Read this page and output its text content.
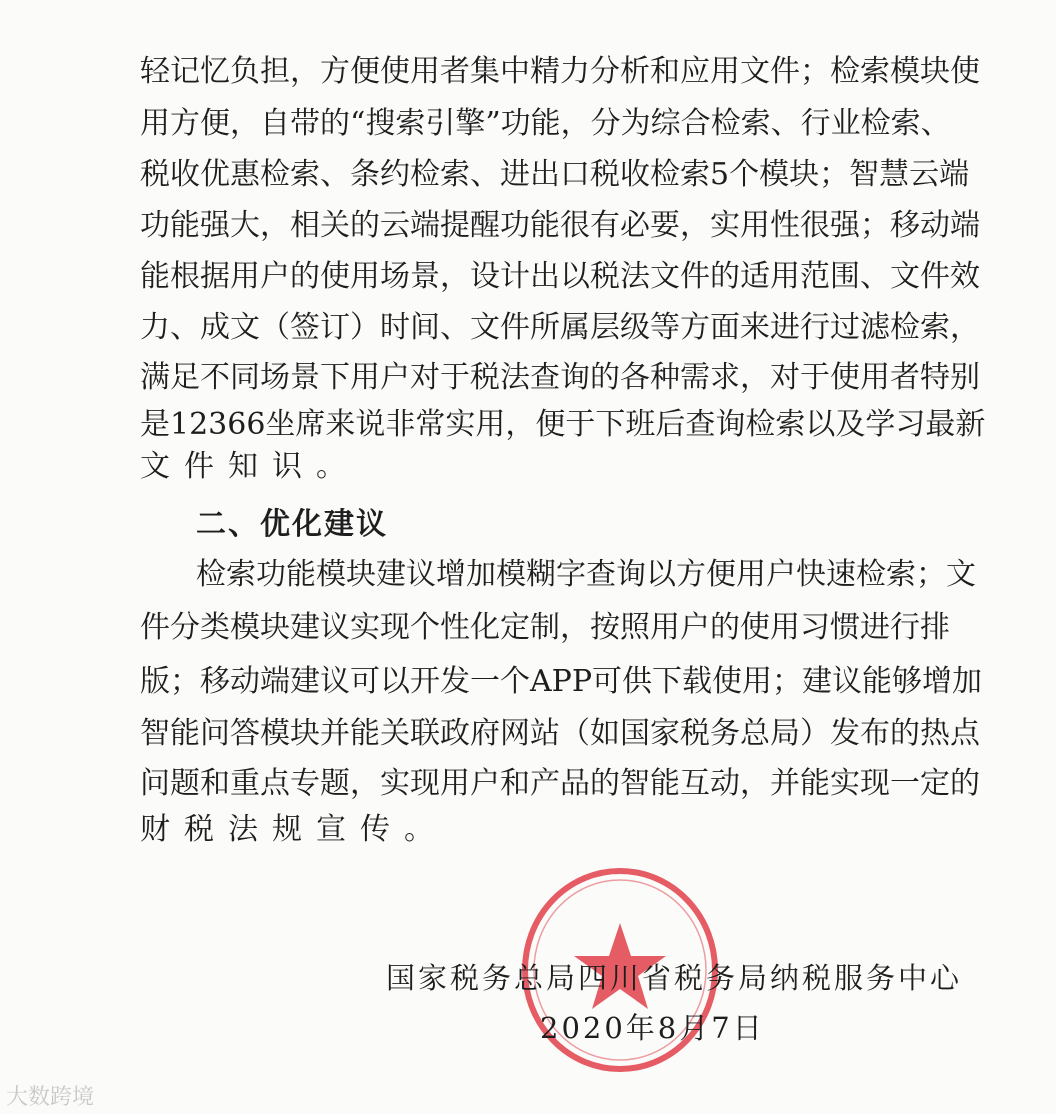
轻记忆负担，方便使用者集中精力分析和应用文件；检索模块使
用方便，自带的“搜索引擎”功能，分为综合检索、行业检索、
税收优惠检索、条约检索、进出口税收检索5个模块；智慧云端
功能强大，相关的云端提醒功能很有必要，实用性很强；移动端
能根据用户的使用场景，设计出以税法文件的适用范围、文件效
力、成文（签订）时间、文件所属层级等方面来进行过滤检索，
满足不同场景下用户对于税法查询的各种需求，对于使用者特别
是12366坐席来说非常实用，便于下班后查询检索以及学习最新
文件知识。
二、优化建议
检索功能模块建议增加模糊字查询以方便用户快速检索；文
件分类模块建议实现个性化定制，按照用户的使用习惯进行排
版；移动端建议可以开发一个APP可供下载使用；建议能够增加
智能问答模块并能关联政府网站（如国家税务总局）发布的热点
问题和重点专题，实现用户和产品的智能互动，并能实现一定的
财税法规宣传。
国家税务总局四川省税务局纳税服务中心
2020年8月7日
大数跨境
